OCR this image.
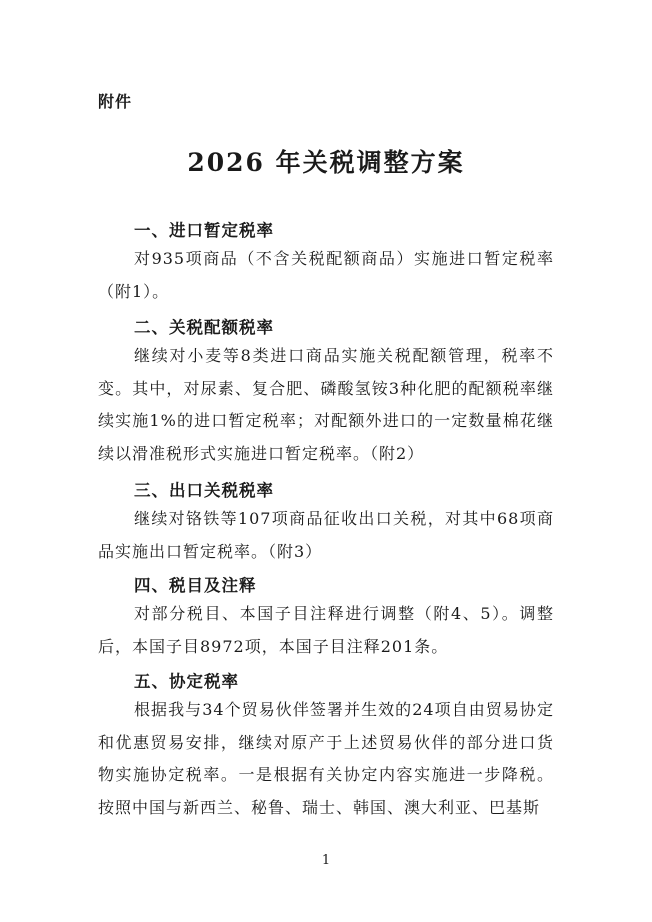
附件
2026 年关税调整方案
一、进口暂定税率
对935项商品（不含关税配额商品）实施进口暂定税率（附1）。
二、关税配额税率
继续对小麦等8类进口商品实施关税配额管理，税率不变。其中，对尿素、复合肥、磷酸氢铵3种化肥的配额税率继续实施1%的进口暂定税率；对配额外进口的一定数量棉花继续以滑准税形式实施进口暂定税率。（附2）
三、出口关税税率
继续对铬铁等107项商品征收出口关税，对其中68项商品实施出口暂定税率。（附3）
四、税目及注释
对部分税目、本国子目注释进行调整（附4、5）。调整后，本国子目8972项，本国子目注释201条。
五、协定税率
根据我与34个贸易伙伴签署并生效的24项自由贸易协定和优惠贸易安排，继续对原产于上述贸易伙伴的部分进口货物实施协定税率。一是根据有关协定内容实施进一步降税。按照中国与新西兰、秘鲁、瑞士、韩国、澳大利亚、巴基斯
1
